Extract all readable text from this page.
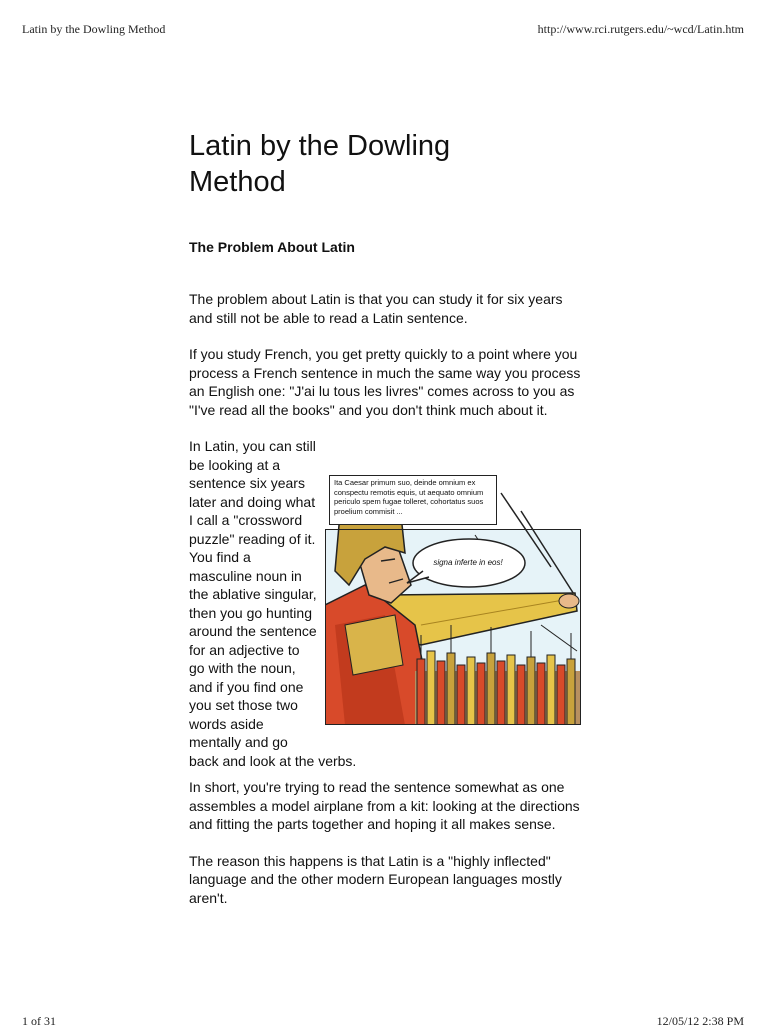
Latin by the Dowling Method	http://www.rci.rutgers.edu/~wcd/Latin.htm
Latin by the Dowling Method
The Problem About Latin

The problem about Latin is that you can study it for six years and still not be able to read a Latin sentence.

If you study French, you get pretty quickly to a point where you process a French sentence in much the same way you process an English one: "J'ai lu tous les livres" comes across to you as "I've read all the books" and you don't think much about it.

Ita Caesar primum suo, deinde omnium ex conspectu remotis equis, ut aequato omnium periculo spem fugae tolleret, cohortatus suos proelium commisit ...
signa inferte in eos!

In Latin, you can still be looking at a sentence six years later and doing what I call a "crossword puzzle" reading of it. You find a masculine noun in the ablative singular, then you go hunting around the sentence for an adjective to go with the noun, and if you find one you set those two words aside mentally and go back and look at the verbs.

In short, you're trying to read the sentence somewhat as one assembles a model airplane from a kit: looking at the directions and fitting the parts together and hoping it all makes sense.

The reason this happens is that Latin is a "highly inflected" language and the other modern European languages mostly aren't.

1 of 31	12/05/12 2:38 PM
